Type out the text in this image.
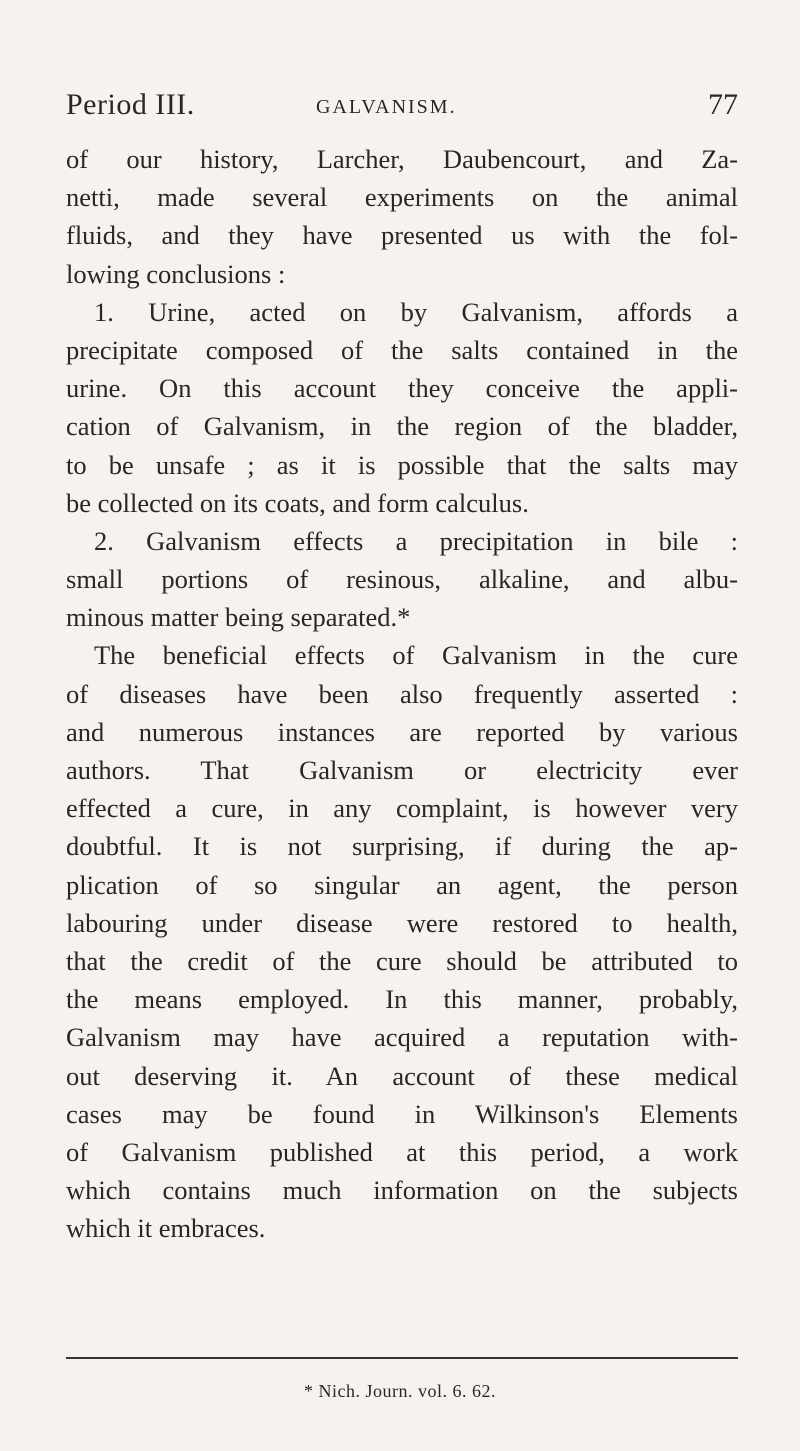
Period III.	GALVANISM.	77
of our history, Larcher, Daubencourt, and Za-
netti, made several experiments on the animal
fluids, and they have presented us with the fol-
lowing conclusions :
1. Urine, acted on by Galvanism, affords a
precipitate composed of the salts contained in the
urine. On this account they conceive the appli-
cation of Galvanism, in the region of the bladder,
to be unsafe ; as it is possible that the salts may
be collected on its coats, and form calculus.
2. Galvanism effects a precipitation in bile :
small portions of resinous, alkaline, and albu-
minous matter being separated.*
The beneficial effects of Galvanism in the cure
of diseases have been also frequently asserted :
and numerous instances are reported by various
authors. That Galvanism or electricity ever
effected a cure, in any complaint, is however very
doubtful. It is not surprising, if during the ap-
plication of so singular an agent, the person
labouring under disease were restored to health,
that the credit of the cure should be attributed to
the means employed. In this manner, probably,
Galvanism may have acquired a reputation with-
out deserving it. An account of these medical
cases may be found in Wilkinson's Elements
of Galvanism published at this period, a work
which contains much information on the subjects
which it embraces.
* Nich. Journ. vol. 6. 62.
